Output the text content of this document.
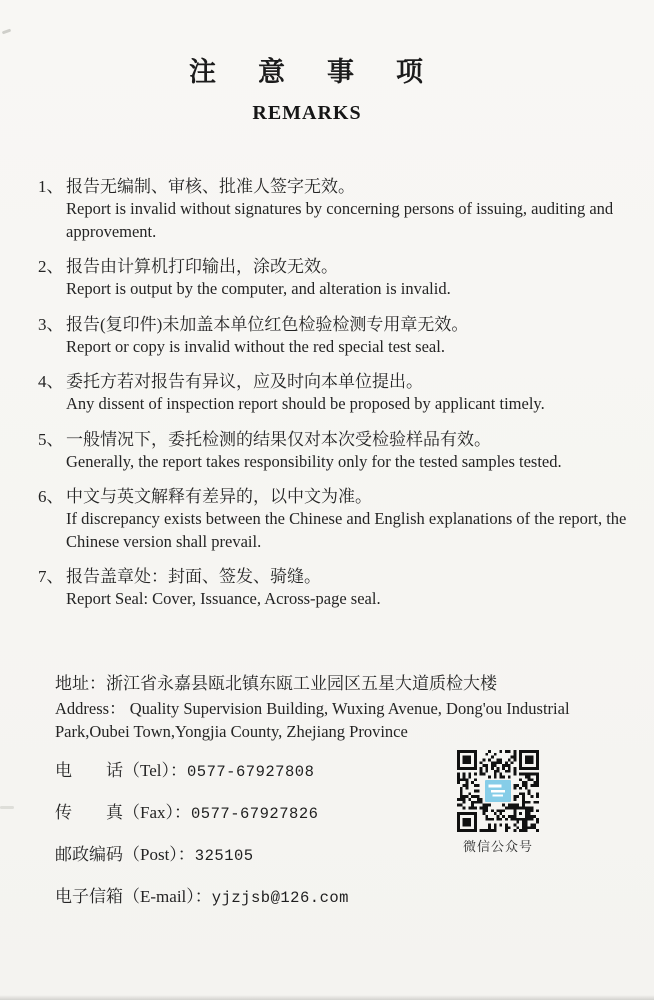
注意事项
REMARKS
1、 报告无编制、审核、批准人签字无效。
Report is invalid without signatures by concerning persons of issuing, auditing and approvement.
2、 报告由计算机打印输出，涂改无效。
Report is output by the computer, and alteration is invalid.
3、 报告(复印件)未加盖本单位红色检验检测专用章无效。
Report or copy is invalid without the red special test seal.
4、 委托方若对报告有异议，应及时向本单位提出。
Any dissent of inspection report should be proposed by applicant timely.
5、 一般情况下，委托检测的结果仅对本次受检验样品有效。
Generally, the report takes responsibility only for the tested samples tested.
6、 中文与英文解释有差异的，以中文为准。
If discrepancy exists between the Chinese and English explanations of the report, the Chinese version shall prevail.
7、 报告盖章处：封面、签发、骑缝。
Report Seal: Cover, Issuance, Across-page seal.
地址：浙江省永嘉县瓯北镇东瓯工业园区五星大道质检大楼
Address： Quality Supervision Building, Wuxing Avenue, Dong'ou Industrial Park,Oubei Town,Yongjia County, Zhejiang Province
电　　话（Tel）：0577-67927808
传　　真（Fax）：0577-67927826
邮政编码（Post）：325105
电子信箱（E-mail）：yjzjsb@126.com
微信公众号
